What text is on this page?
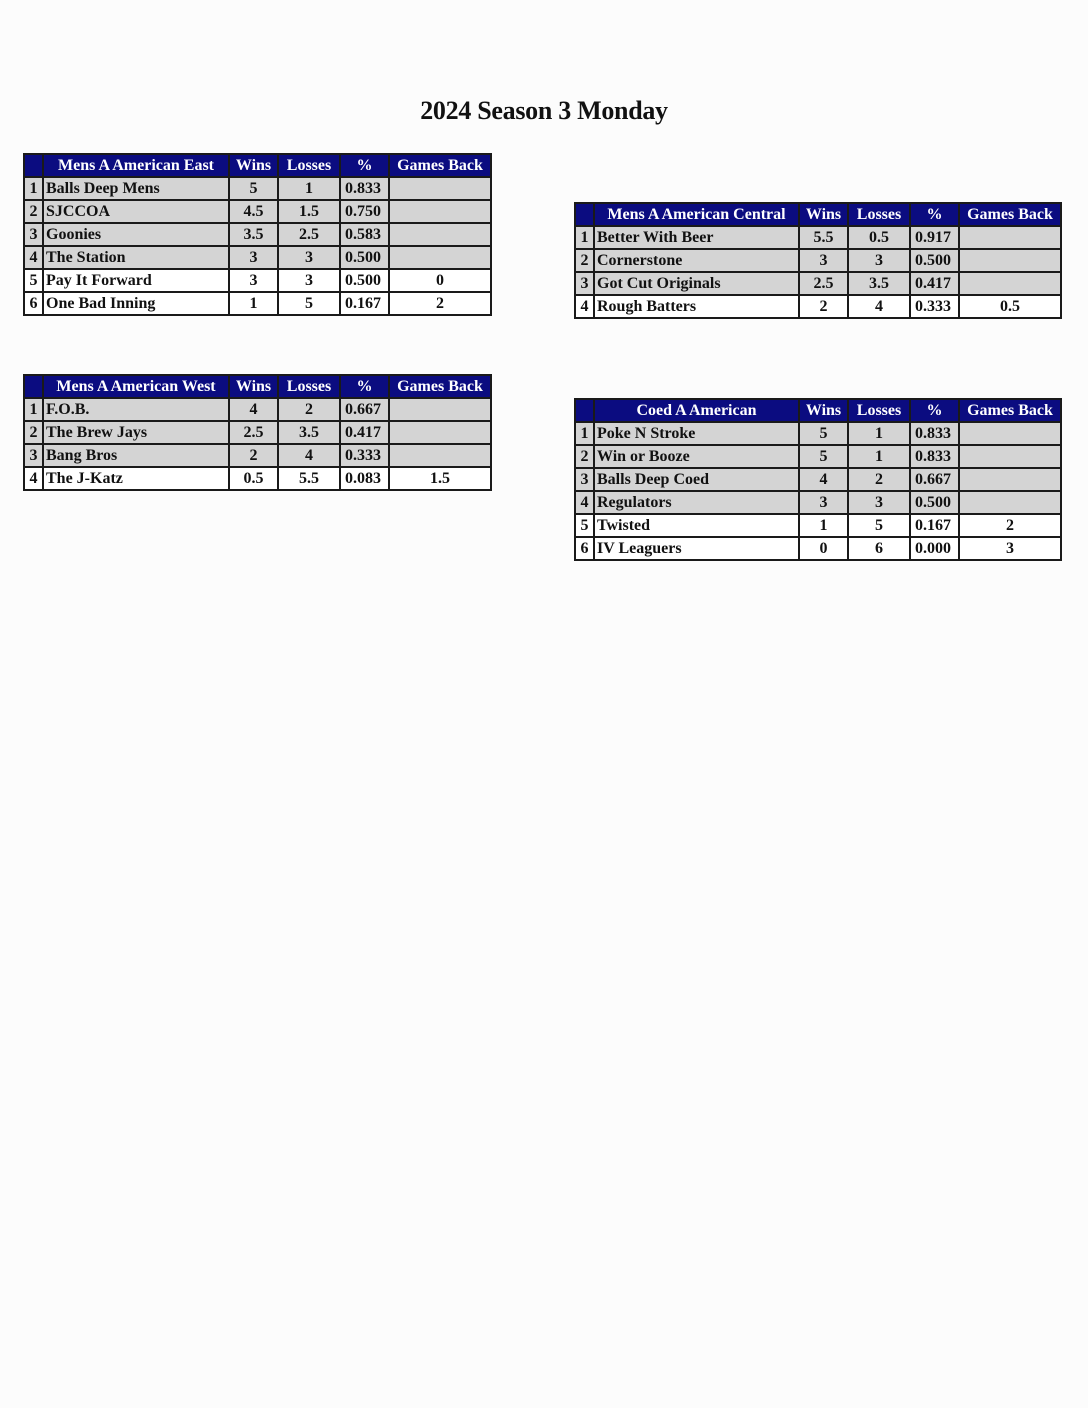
2024 Season 3 Monday
	Mens A American East	Wins	Losses	%	Games Back
1	Balls Deep Mens	5	1	0.833	
2	SJCCOA	4.5	1.5	0.750	
3	Goonies	3.5	2.5	0.583	
4	The Station	3	3	0.500	
5	Pay It Forward	3	3	0.500	0
6	One Bad Inning	1	5	0.167	2
	Mens A American West	Wins	Losses	%	Games Back
1	F.O.B.	4	2	0.667	
2	The Brew Jays	2.5	3.5	0.417	
3	Bang Bros	2	4	0.333	
4	The J-Katz	0.5	5.5	0.083	1.5
	Mens A American Central	Wins	Losses	%	Games Back
1	Better With Beer	5.5	0.5	0.917	
2	Cornerstone	3	3	0.500	
3	Got Cut Originals	2.5	3.5	0.417	
4	Rough Batters	2	4	0.333	0.5
	Coed A American	Wins	Losses	%	Games Back
1	Poke N Stroke	5	1	0.833	
2	Win or Booze	5	1	0.833	
3	Balls Deep Coed	4	2	0.667	
4	Regulators	3	3	0.500	
5	Twisted	1	5	0.167	2
6	IV Leaguers	0	6	0.000	3
